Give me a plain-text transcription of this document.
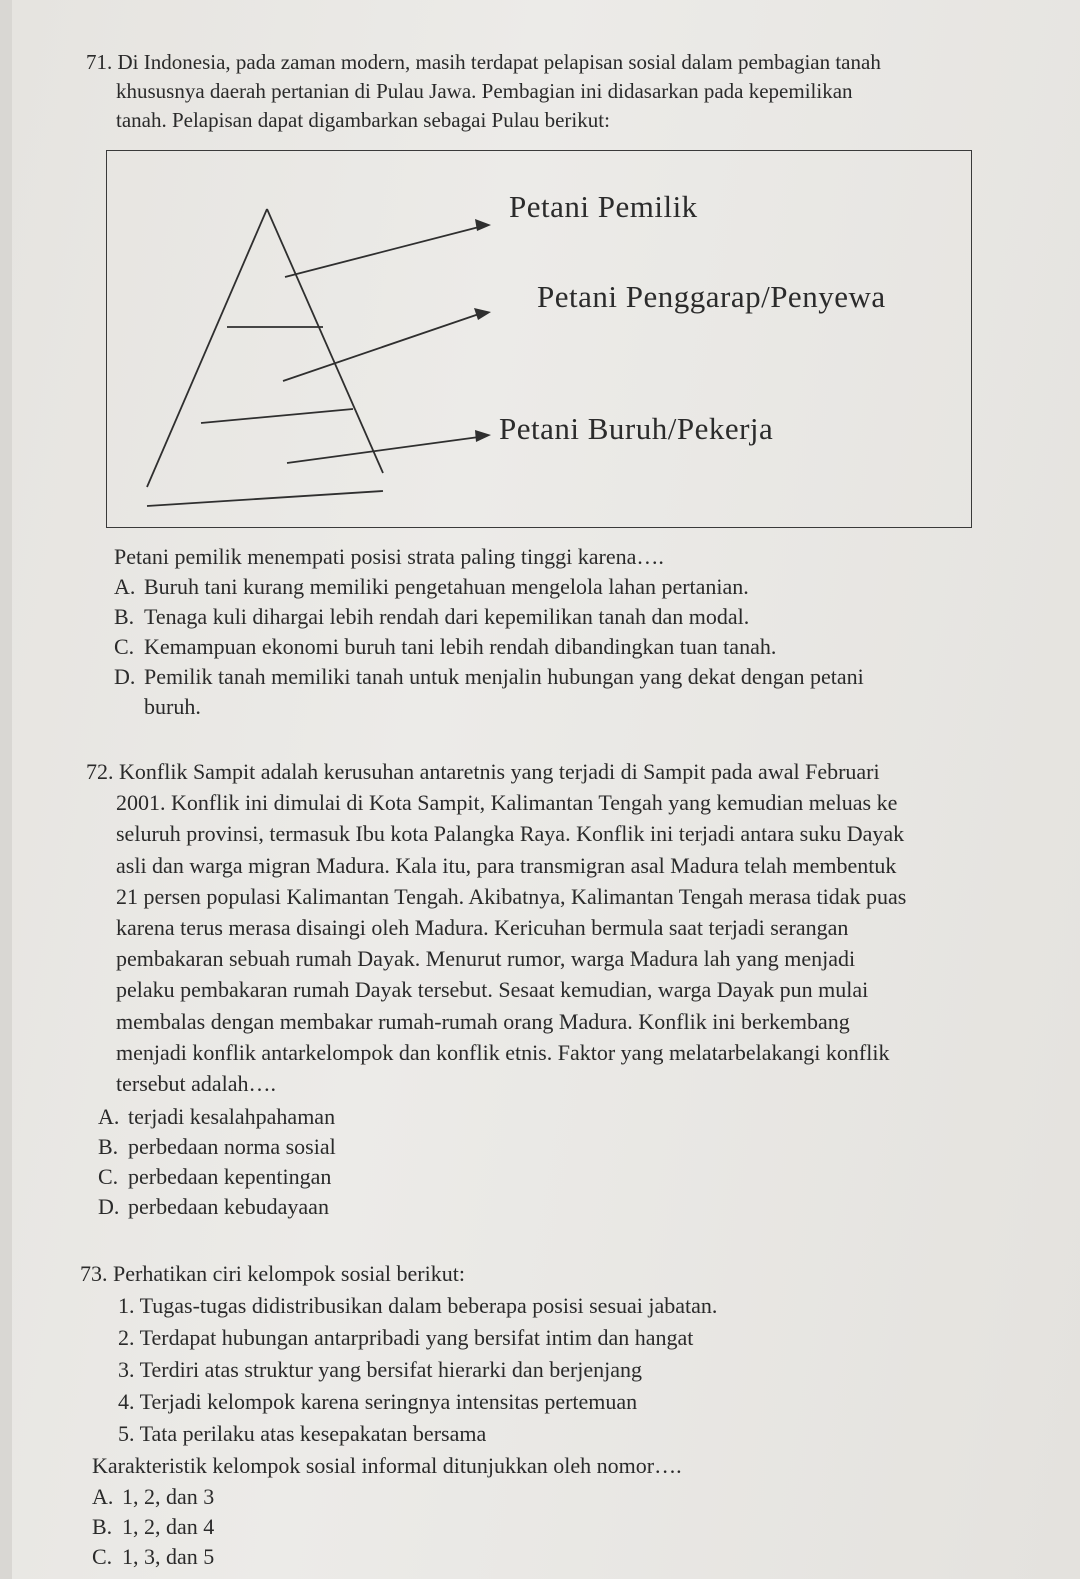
71. Di Indonesia, pada zaman modern, masih terdapat pelapisan sosial dalam pembagian tanah
khususnya daerah pertanian di Pulau Jawa. Pembagian ini didasarkan pada kepemilikan
tanah. Pelapisan dapat digambarkan sebagai Pulau berikut:
Petani Pemilik
Petani Penggarap/Penyewa
Petani Buruh/Pekerja
Petani pemilik menempati posisi strata paling tinggi karena….
A. Buruh tani kurang memiliki pengetahuan mengelola lahan pertanian.
B. Tenaga kuli dihargai lebih rendah dari kepemilikan tanah dan modal.
C. Kemampuan ekonomi buruh tani lebih rendah dibandingkan tuan tanah.
D. Pemilik tanah memiliki tanah untuk menjalin hubungan yang dekat dengan petani
buruh.
72. Konflik Sampit adalah kerusuhan antaretnis yang terjadi di Sampit pada awal Februari
2001. Konflik ini dimulai di Kota Sampit, Kalimantan Tengah yang kemudian meluas ke
seluruh provinsi, termasuk Ibu kota Palangka Raya. Konflik ini terjadi antara suku Dayak
asli dan warga migran Madura. Kala itu, para transmigran asal Madura telah membentuk
21 persen populasi Kalimantan Tengah. Akibatnya, Kalimantan Tengah merasa tidak puas
karena terus merasa disaingi oleh Madura. Kericuhan bermula saat terjadi serangan
pembakaran sebuah rumah Dayak. Menurut rumor, warga Madura lah yang menjadi
pelaku pembakaran rumah Dayak tersebut. Sesaat kemudian, warga Dayak pun mulai
membalas dengan membakar rumah-rumah orang Madura. Konflik ini berkembang
menjadi konflik antarkelompok dan konflik etnis. Faktor yang melatarbelakangi konflik
tersebut adalah….
A. terjadi kesalahpahaman
B. perbedaan norma sosial
C. perbedaan kepentingan
D. perbedaan kebudayaan
73. Perhatikan ciri kelompok sosial berikut:
1. Tugas-tugas didistribusikan dalam beberapa posisi sesuai jabatan.
2. Terdapat hubungan antarpribadi yang bersifat intim dan hangat
3. Terdiri atas struktur yang bersifat hierarki dan berjenjang
4. Terjadi kelompok karena seringnya intensitas pertemuan
5. Tata perilaku atas kesepakatan bersama
Karakteristik kelompok sosial informal ditunjukkan oleh nomor….
A. 1, 2, dan 3
B. 1, 2, dan 4
C. 1, 3, dan 5
